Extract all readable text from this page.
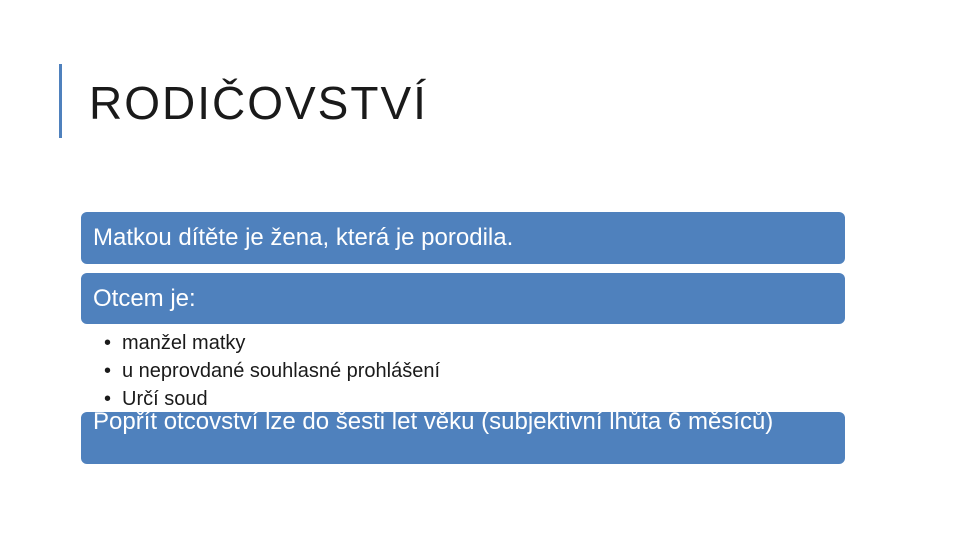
RODIČOVSTVÍ
Matkou dítěte je žena, která je porodila.
Otcem je:
• manžel matky
• u neprovdané souhlasné prohlášení
• Určí soud
Popřít otcovství lze do šesti let věku (subjektivní lhůta 6 měsíců)
